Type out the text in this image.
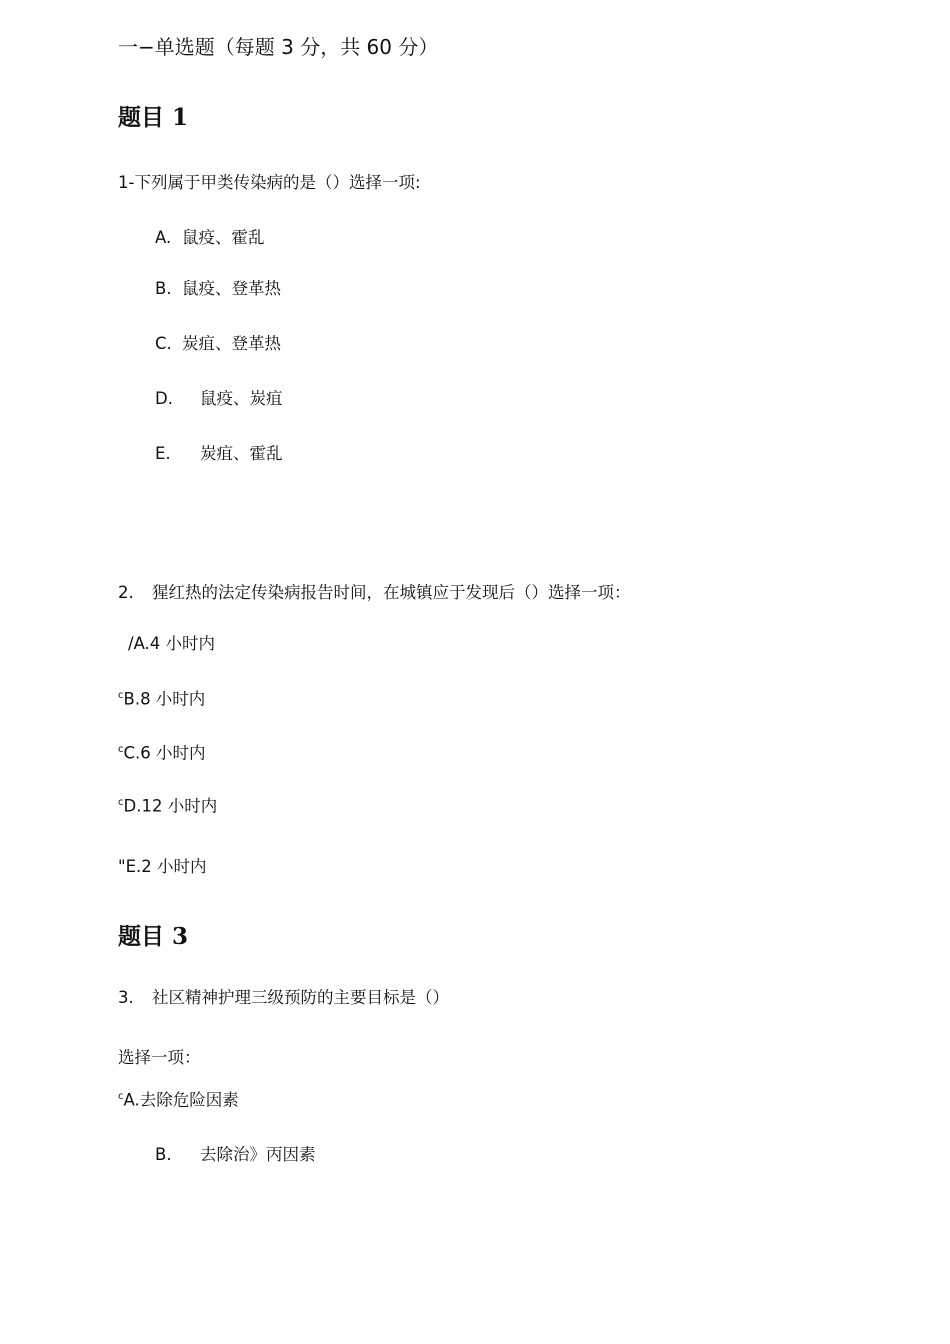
一−单选题（每题 3 分，共 60 分）
题目 1
1-下列属于甲类传染病的是（）选择一项:
A. 鼠疫、霍乱
B. 鼠疫、登革热
C. 炭疽、登革热
D. 鼠疫、炭疽
E. 炭疽、霍乱
2. 猩红热的法定传染病报告时间，在城镇应于发现后（）选择一项：
/A.4 小时内
$^c$B.8 小时内
$^c$C.6 小时内
$^c$D.12 小时内
"E.2 小时内
题目 3
3. 社区精神护理三级预防的主要目标是（）
选择一项：
$^c$A.去除危险因素
B. 去除治》丙因素
